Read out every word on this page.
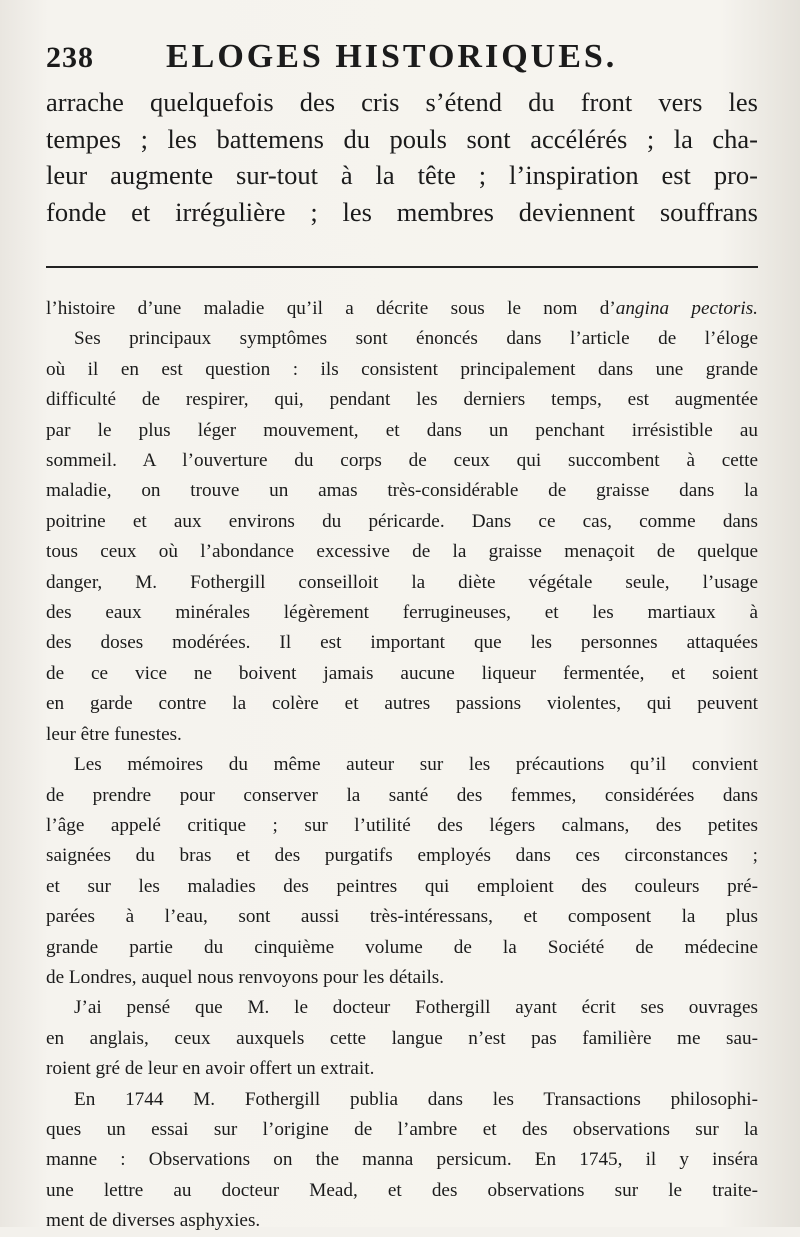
238	ELOGES HISTORIQUES.
arrache quelquefois des cris s’étend du front vers les
tempes ; les battemens du pouls sont accélérés ; la cha-
leur augmente sur-tout à la tête ; l’inspiration est pro-
fonde et irrégulière ; les membres deviennent souffrans
l’histoire d’une maladie qu’il a décrite sous le nom d’angina pectoris.
Ses principaux symptômes sont énoncés dans l’article de l’éloge
où il en est question : ils consistent principalement dans une grande
difficulté de respirer, qui, pendant les derniers temps, est augmentée
par le plus léger mouvement, et dans un penchant irrésistible au
sommeil. A l’ouverture du corps de ceux qui succombent à cette
maladie, on trouve un amas très-considérable de graisse dans la
poitrine et aux environs du péricarde. Dans ce cas, comme dans
tous ceux où l’abondance excessive de la graisse menaçoit de quelque
danger, M. Fothergill conseilloit la diète végétale seule, l’usage
des eaux minérales légèrement ferrugineuses, et les martiaux à
des doses modérées. Il est important que les personnes attaquées
de ce vice ne boivent jamais aucune liqueur fermentée, et soient
en garde contre la colère et autres passions violentes, qui peuvent
leur être funestes.
Les mémoires du même auteur sur les précautions qu’il convient
de prendre pour conserver la santé des femmes, considérées dans
l’âge appelé critique ; sur l’utilité des légers calmans, des petites
saignées du bras et des purgatifs employés dans ces circonstances ;
et sur les maladies des peintres qui emploient des couleurs pré-
parées à l’eau, sont aussi très-intéressans, et composent la plus
grande partie du cinquième volume de la Société de médecine
de Londres, auquel nous renvoyons pour les détails.
J’ai pensé que M. le docteur Fothergill ayant écrit ses ouvrages
en anglais, ceux auxquels cette langue n’est pas familière me sau-
roient gré de leur en avoir offert un extrait.
En 1744 M. Fothergill publia dans les Transactions philosophi-
ques un essai sur l’origine de l’ambre et des observations sur la
manne : Observations on the manna persicum. En 1745, il y inséra
une lettre au docteur Mead, et des observations sur le traite-
ment de diverses asphyxies.
